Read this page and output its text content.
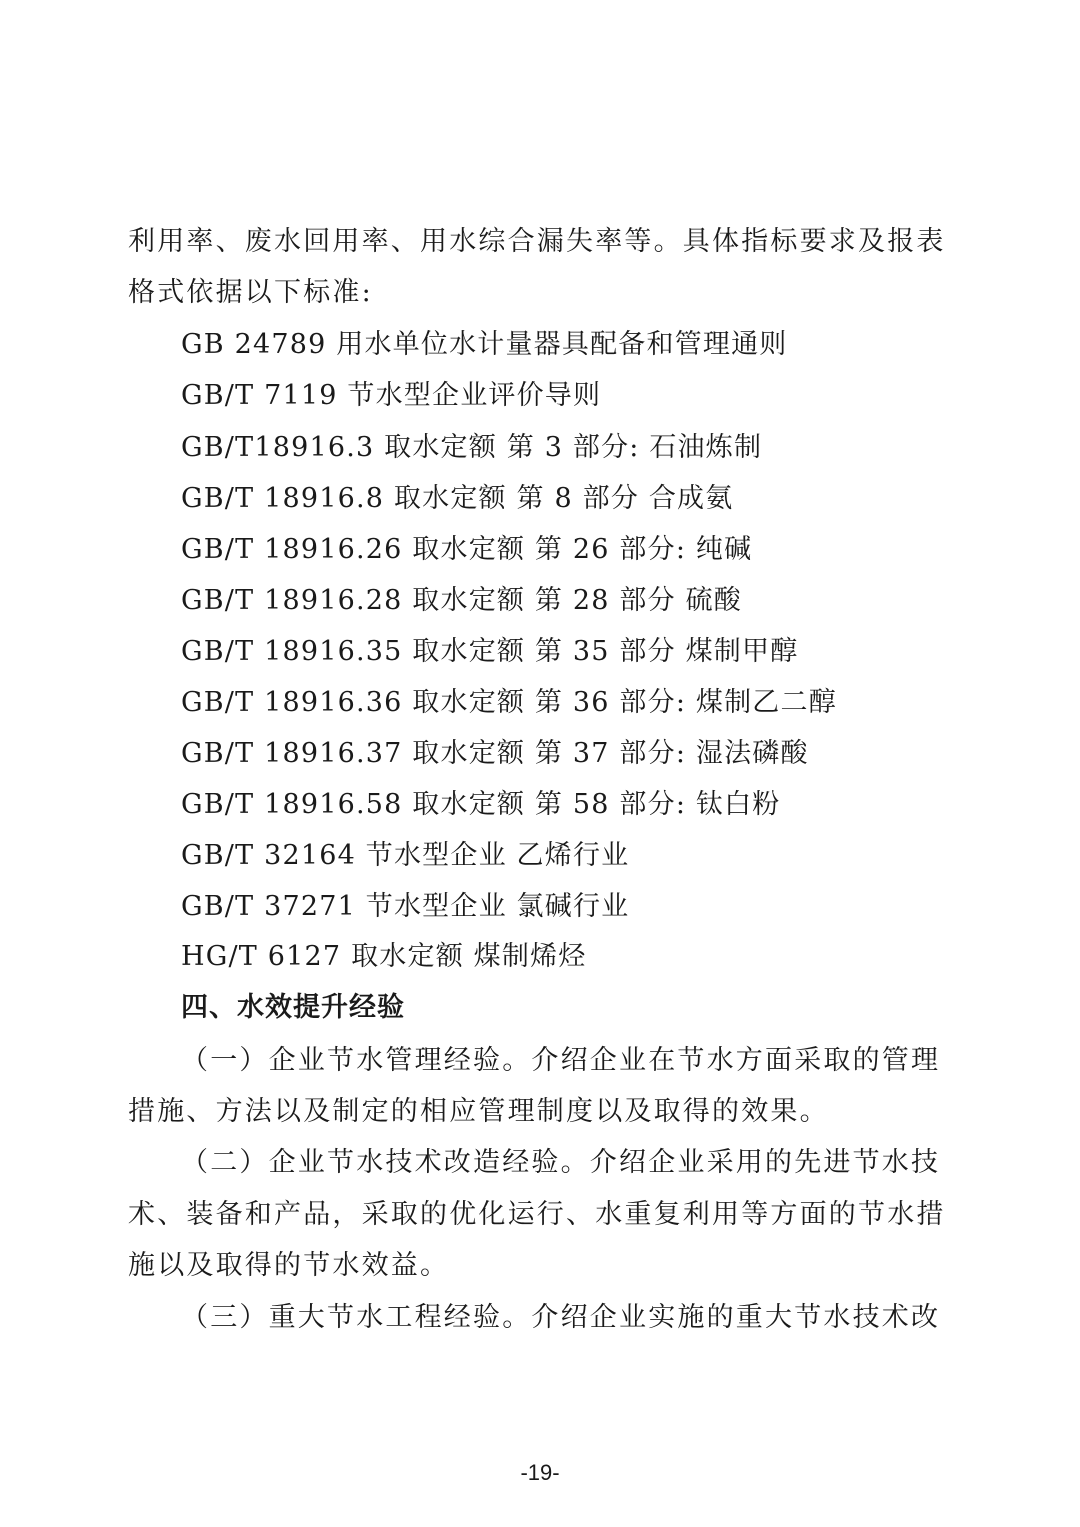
利用率、废水回用率、用水综合漏失率等。具体指标要求及报表
格式依据以下标准:
GB 24789 用水单位水计量器具配备和管理通则
GB/T 7119 节水型企业评价导则
GB/T18916.3 取水定额 第 3 部分: 石油炼制
GB/T 18916.8 取水定额 第 8 部分 合成氨
GB/T 18916.26 取水定额 第 26 部分: 纯碱
GB/T 18916.28 取水定额 第 28 部分 硫酸
GB/T 18916.35 取水定额 第 35 部分 煤制甲醇
GB/T 18916.36 取水定额 第 36 部分: 煤制乙二醇
GB/T 18916.37 取水定额 第 37 部分: 湿法磷酸
GB/T 18916.58 取水定额 第 58 部分: 钛白粉
GB/T 32164 节水型企业 乙烯行业
GB/T 37271 节水型企业 氯碱行业
HG/T 6127 取水定额 煤制烯烃
四、水效提升经验
（一）企业节水管理经验。介绍企业在节水方面采取的管理
措施、方法以及制定的相应管理制度以及取得的效果。
（二）企业节水技术改造经验。介绍企业采用的先进节水技
术、装备和产品，采取的优化运行、水重复利用等方面的节水措
施以及取得的节水效益。
（三）重大节水工程经验。介绍企业实施的重大节水技术改
-19-
